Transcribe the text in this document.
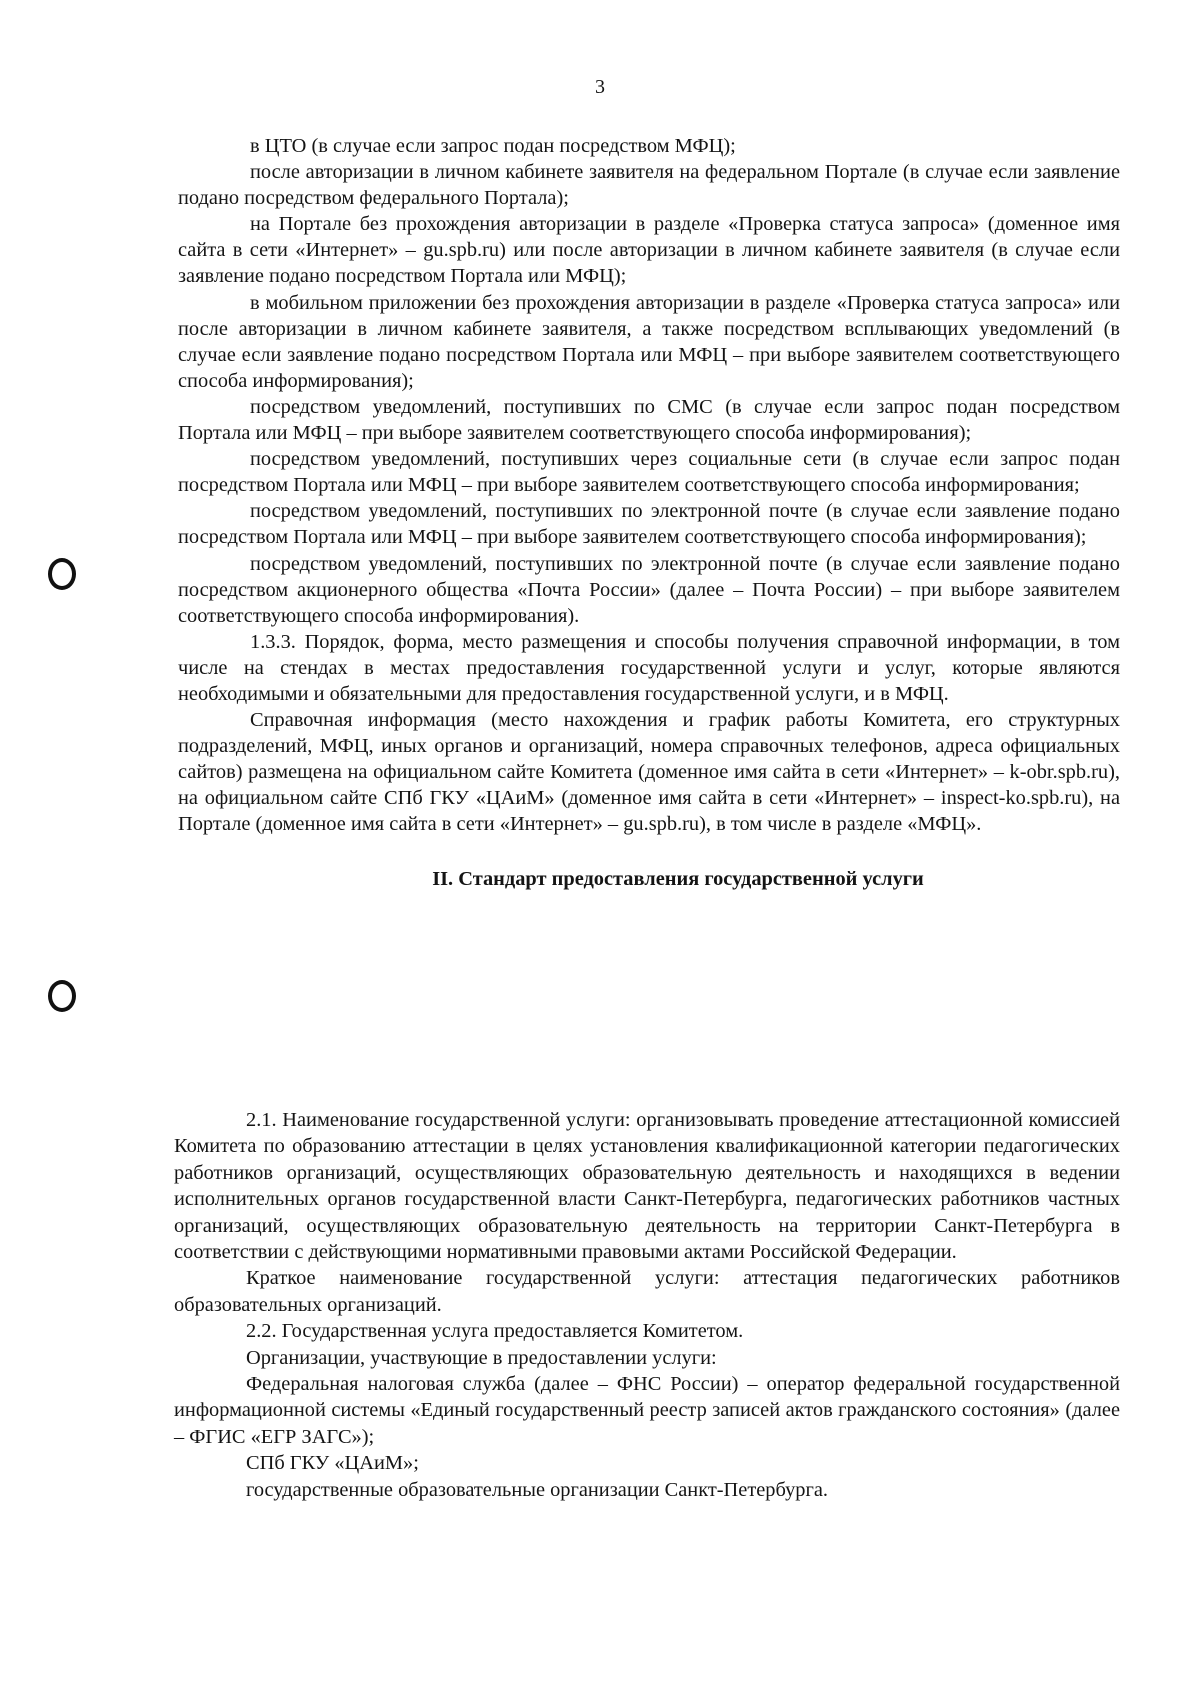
3

в ЦТО (в случае если запрос подан посредством МФЦ);

после авторизации в личном кабинете заявителя на федеральном Портале (в случае если заявление подано посредством федерального Портала);

на Портале без прохождения авторизации в разделе «Проверка статуса запроса» (доменное имя сайта в сети «Интернет» – gu.spb.ru) или после авторизации в личном кабинете заявителя (в случае если заявление подано посредством Портала или МФЦ);

в мобильном приложении без прохождения авторизации в разделе «Проверка статуса запроса» или после авторизации в личном кабинете заявителя, а также посредством всплывающих уведомлений (в случае если заявление подано посредством Портала или МФЦ – при выборе заявителем соответствующего способа информирования);

посредством уведомлений, поступивших по СМС (в случае если запрос подан посредством Портала или МФЦ – при выборе заявителем соответствующего способа информирования);

посредством уведомлений, поступивших через социальные сети (в случае если запрос подан посредством Портала или МФЦ – при выборе заявителем соответствующего способа информирования;

посредством уведомлений, поступивших по электронной почте (в случае если заявление подано посредством Портала или МФЦ – при выборе заявителем соответствующего способа информирования);

посредством уведомлений, поступивших по электронной почте (в случае если заявление подано посредством акционерного общества «Почта России» (далее – Почта России) – при выборе заявителем соответствующего способа информирования).

1.3.3. Порядок, форма, место размещения и способы получения справочной информации, в том числе на стендах в местах предоставления государственной услуги и услуг, которые являются необходимыми и обязательными для предоставления государственной услуги, и в МФЦ.

Справочная информация (место нахождения и график работы Комитета, его структурных подразделений, МФЦ, иных органов и организаций, номера справочных телефонов, адреса официальных сайтов) размещена на официальном сайте Комитета (доменное имя сайта в сети «Интернет» – k-obr.spb.ru), на официальном сайте СПб ГКУ «ЦАиМ» (доменное имя сайта в сети «Интернет» – inspect-ko.spb.ru), на Портале (доменное имя сайта в сети «Интернет» – gu.spb.ru), в том числе в разделе «МФЦ».

II. Стандарт предоставления государственной услуги

2.1. Наименование государственной услуги: организовывать проведение аттестационной комиссией Комитета по образованию аттестации в целях установления квалификационной категории педагогических работников организаций, осуществляющих образовательную деятельность и находящихся в ведении исполнительных органов государственной власти Санкт-Петербурга, педагогических работников частных организаций, осуществляющих образовательную деятельность на территории Санкт-Петербурга в соответствии с действующими нормативными правовыми актами Российской Федерации.

Краткое наименование государственной услуги: аттестация педагогических работников образовательных организаций.

2.2. Государственная услуга предоставляется Комитетом.

Организации, участвующие в предоставлении услуги:

Федеральная налоговая служба (далее – ФНС России) – оператор федеральной государственной информационной системы «Единый государственный реестр записей актов гражданского состояния» (далее – ФГИС «ЕГР ЗАГС»);

СПб ГКУ «ЦАиМ»;

государственные образовательные организации Санкт-Петербурга.
